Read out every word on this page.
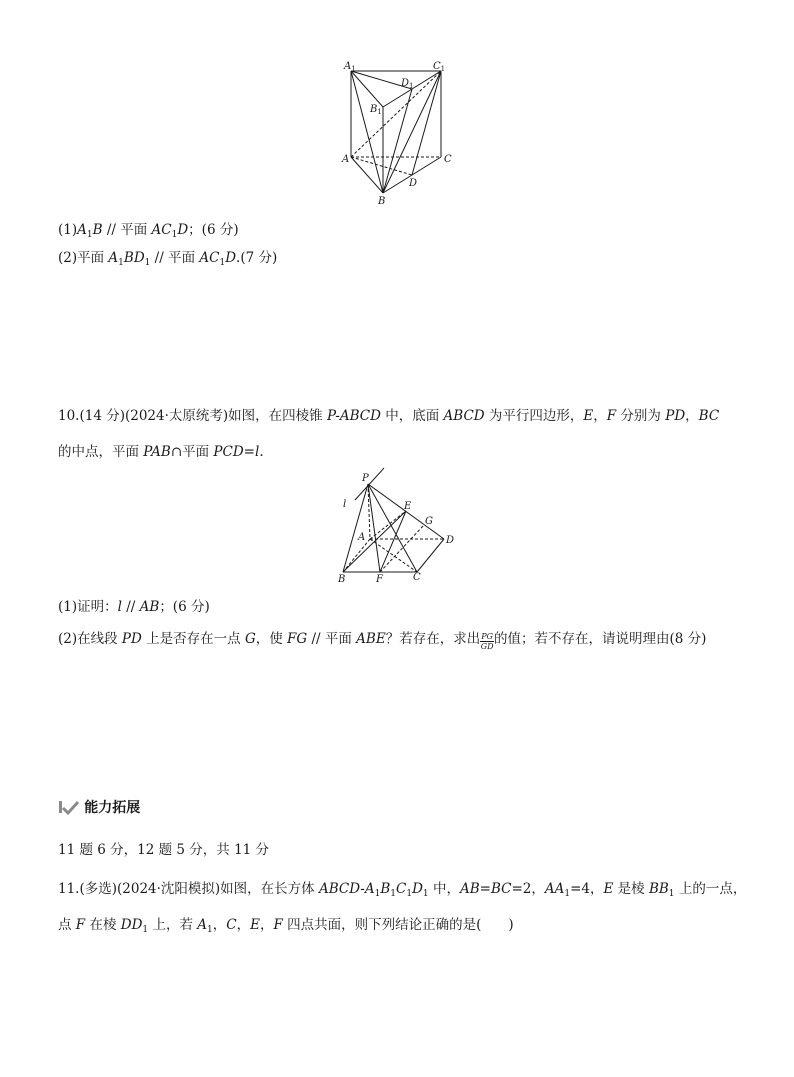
$A_1$	$C_1$
$D_1$
$B_1$
A	C
D
B
$(1)A_1B$ // 平面 $AC_1D$；(6 分)
(2)平面 $A_1BD_1$ // 平面 $AC_1D.(7$ 分)
10.(14 分)(2024·太原统考)如图，在四棱锥 P-ABCD 中，底面 ABCD 为平行四边形，E，F 分别为 PD，BC
的中点，平面 PAB∩平面 PCD=l.
P
l	E
G
A	D
B	F	C
(1)证明：l // AB；(6 分)
(2)在线段 PD 上是否存在一点 G，使 FG // 平面 ABE？若存在，求出 $\frac{PG}{GD}$ 的值；若不存在，请说明理由(8 分)
能力拓展
11 题 6 分，12 题 5 分，共 11 分
11.(多选)(2024·沈阳模拟)如图，在长方体 ABCD-$A_1B_1C_1D_1$ 中，AB=BC=2，$AA_1=4$，E 是棱 $BB_1$ 上的一点，
点 F 在棱 $DD_1$ 上，若 $A_1$，C，E，F 四点共面，则下列结论正确的是(　　 )
